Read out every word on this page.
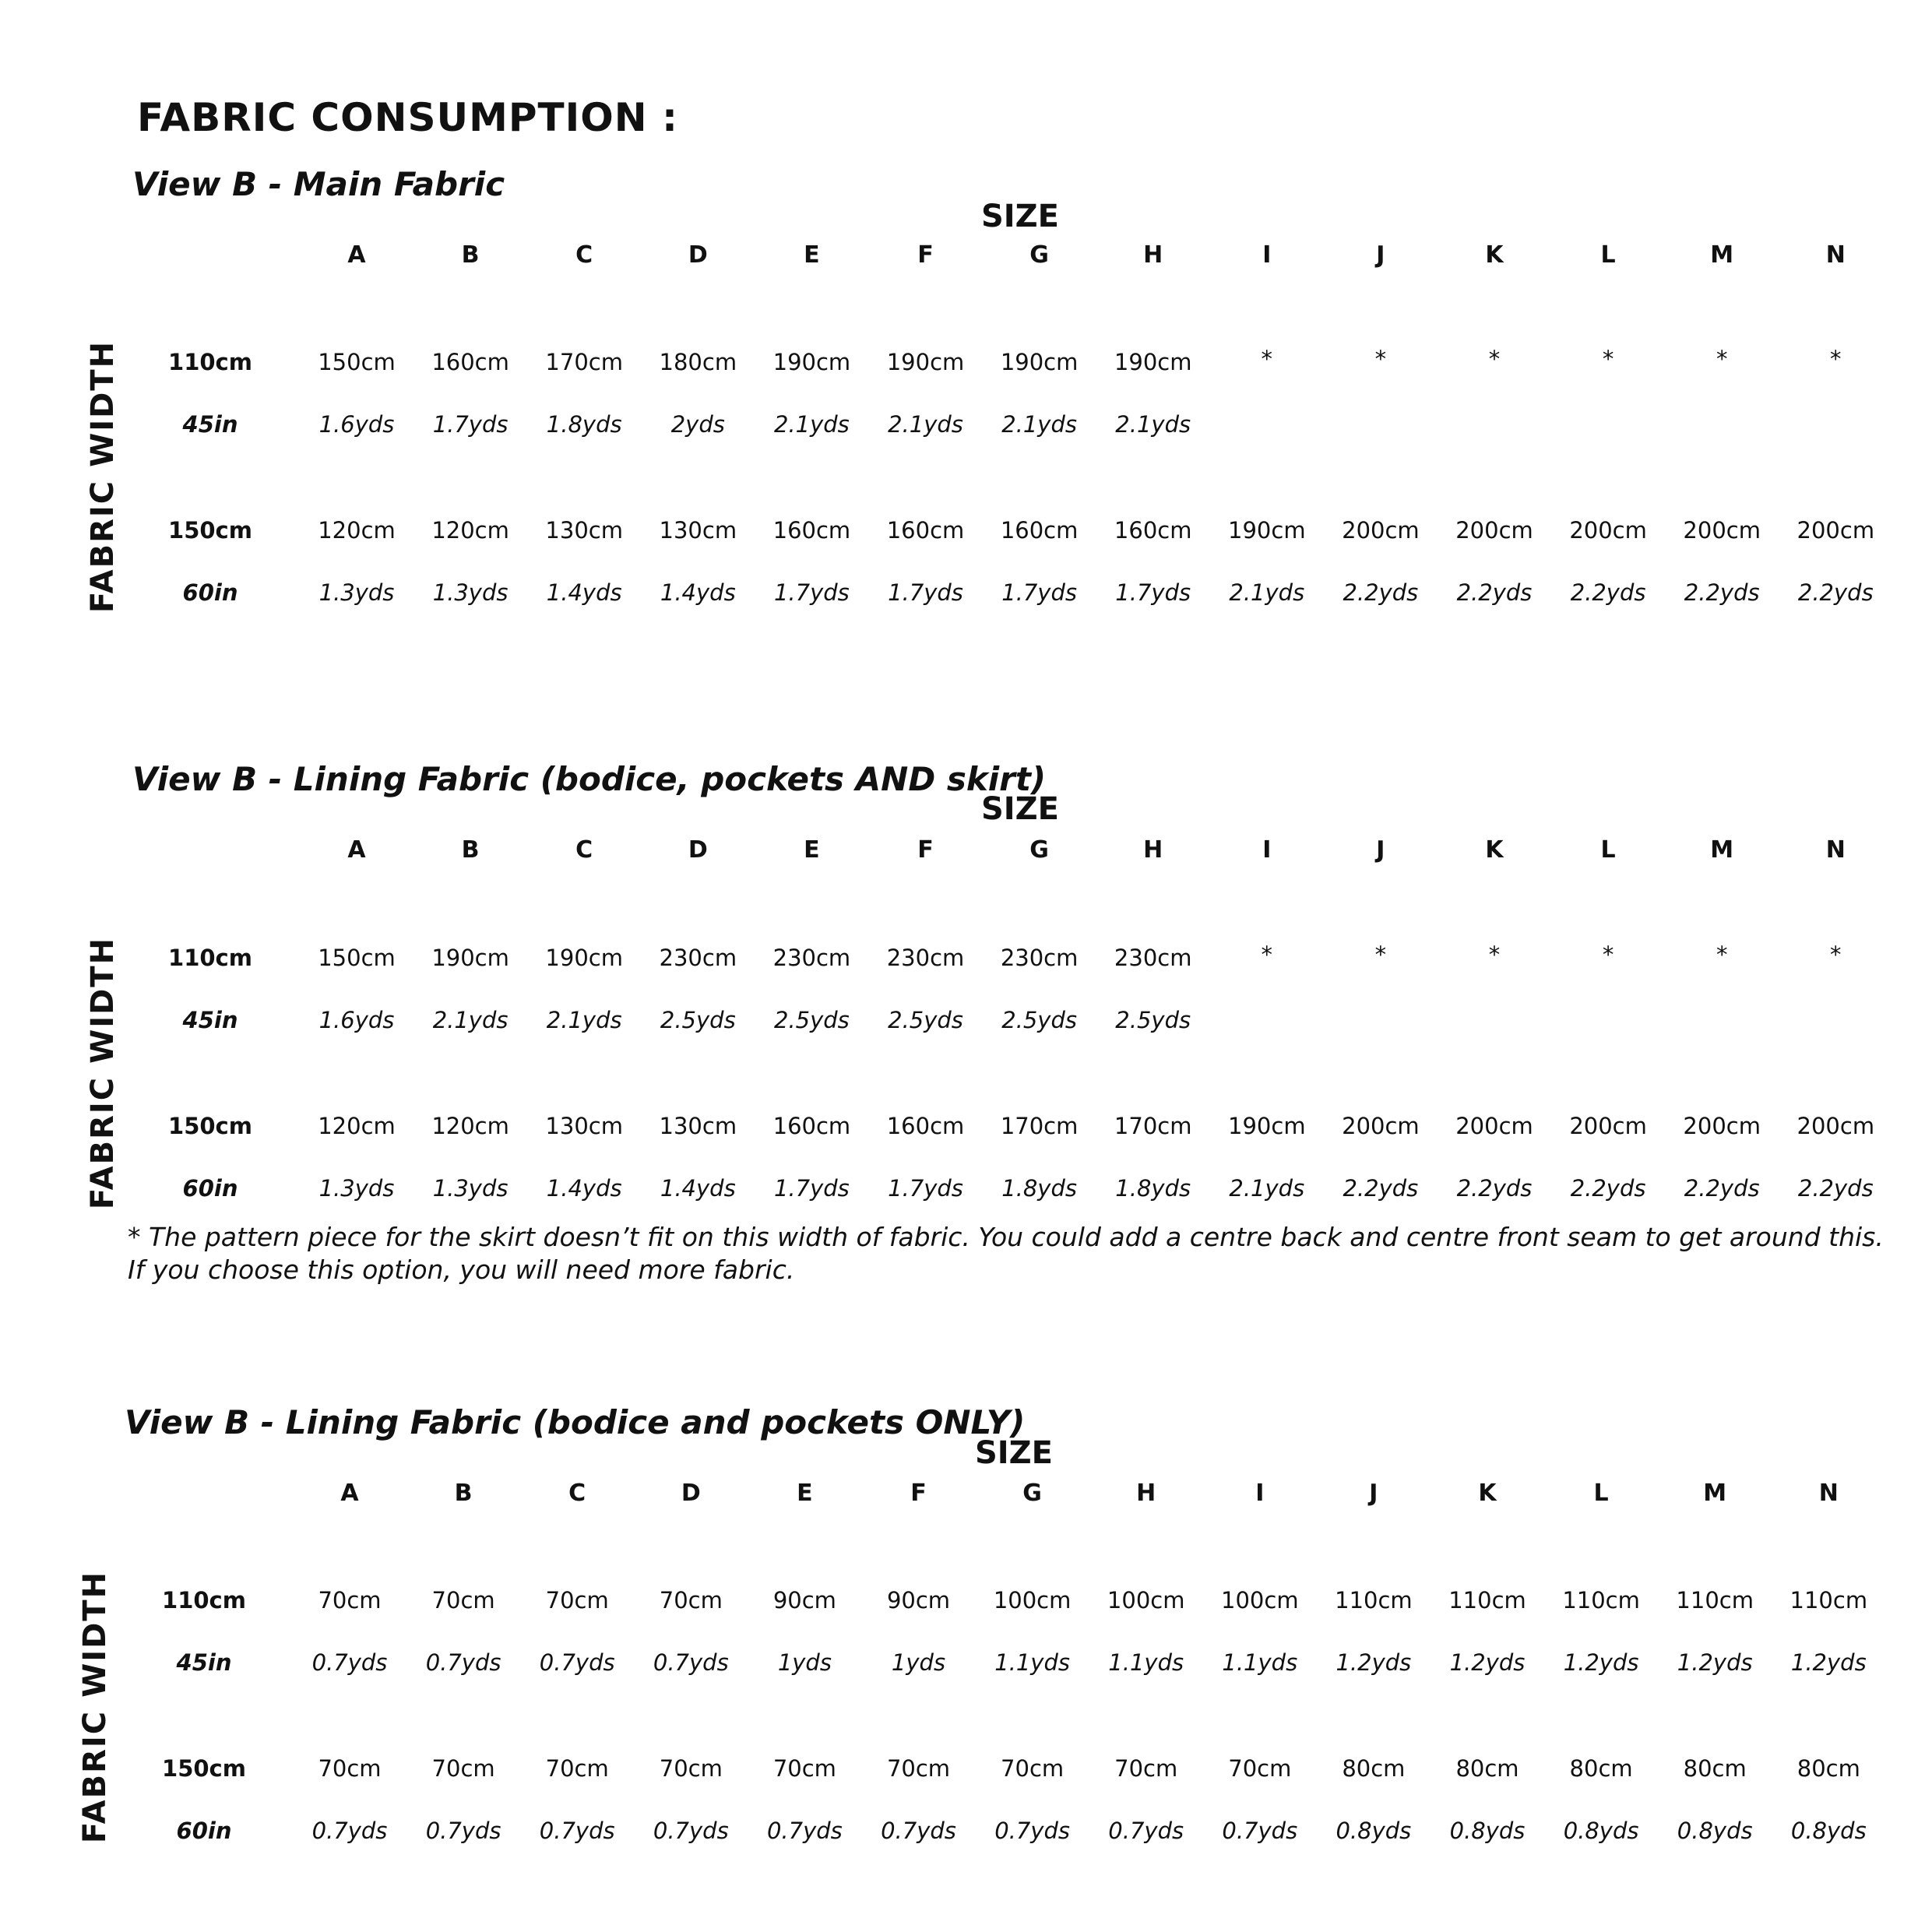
FABRIC CONSUMPTION :
View B - Main Fabric
SIZE
A	B	C	D	E	F	G	H	I	J	K	L	M	N
FABRIC WIDTH 110cm	150cm 160cm 170cm 180cm 190cm 190cm 190cm 190cm	*	*	*	*	*	*
45in	1.6yds 1.7yds 1.8yds 2yds 2.1yds 2.1yds 2.1yds 2.1yds
150cm	120cm 120cm 130cm 130cm 160cm 160cm 160cm 160cm 190cm 200cm 200cm 200cm 200cm 200cm
60in	1.3yds 1.3yds 1.4yds 1.4yds 1.7yds 1.7yds 1.7yds 1.7yds 2.1yds 2.2yds 2.2yds 2.2yds 2.2yds 2.2yds
View B - Lining Fabric (bodice, pockets AND skirt)
SIZE
A	B	C	D	E	F	G	H	I	J	K	L	M	N
FABRIC WIDTH 110cm	150cm 190cm 190cm 230cm 230cm 230cm 230cm 230cm	*	*	*	*	*	*
45in	1.6yds 2.1yds 2.1yds 2.5yds 2.5yds 2.5yds 2.5yds 2.5yds
150cm	120cm 120cm 130cm 130cm 160cm 160cm 170cm 170cm 190cm 200cm 200cm 200cm 200cm 200cm
60in	1.3yds 1.3yds 1.4yds 1.4yds 1.7yds 1.7yds 1.8yds 1.8yds 2.1yds 2.2yds 2.2yds 2.2yds 2.2yds 2.2yds
* The pattern piece for the skirt doesn’t fit on this width of fabric. You could add a centre back and centre front seam to get around this.
If you choose this option, you will need more fabric.
View B - Lining Fabric (bodice and pockets ONLY)
SIZE
A	B	C	D	E	F	G	H	I	J	K	L	M	N
FABRIC WIDTH 110cm	70cm 70cm 70cm 70cm 90cm 90cm 100cm 100cm 100cm 110cm 110cm 110cm 110cm 110cm
45in	0.7yds 0.7yds 0.7yds 0.7yds 1yds	1yds 1.1yds 1.1yds 1.1yds 1.2yds 1.2yds 1.2yds 1.2yds 1.2yds
150cm	70cm 70cm 70cm 70cm 70cm 70cm 70cm 70cm 70cm 80cm 80cm 80cm 80cm 80cm
60in	0.7yds 0.7yds 0.7yds 0.7yds 0.7yds 0.7yds 0.7yds 0.7yds 0.7yds 0.8yds 0.8yds 0.8yds 0.8yds 0.8yds
